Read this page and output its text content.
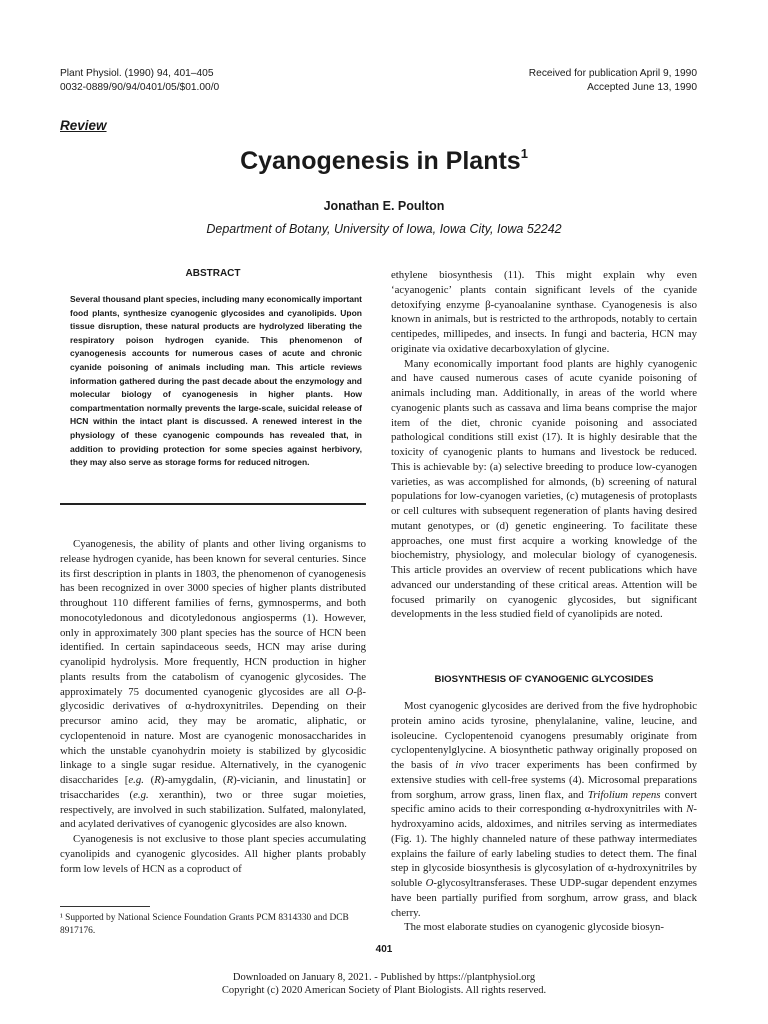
Plant Physiol. (1990) 94, 401–405
0032-0889/90/94/0401/05/$01.00/0
Received for publication April 9, 1990
Accepted June 13, 1990
Review
Cyanogenesis in Plants$^1$
Jonathan E. Poulton
Department of Botany, University of Iowa, Iowa City, Iowa 52242
ABSTRACT
Several thousand plant species, including many economically important food plants, synthesize cyanogenic glycosides and cyanolipids. Upon tissue disruption, these natural products are hydrolyzed liberating the respiratory poison hydrogen cyanide. This phenomenon of cyanogenesis accounts for numerous cases of acute and chronic cyanide poisoning of animals including man. This article reviews information gathered during the past decade about the enzymology and molecular biology of cyanogenesis in higher plants. How compartmentation normally prevents the large-scale, suicidal release of HCN within the intact plant is discussed. A renewed interest in the physiology of these cyanogenic compounds has revealed that, in addition to providing protection for some species against herbivory, they may also serve as storage forms for reduced nitrogen.

Cyanogenesis, the ability of plants and other living organisms to release hydrogen cyanide, has been known for several centuries. Since its first description in plants in 1803, the phenomenon of cyanogenesis has been recognized in over 3000 species of higher plants distributed throughout 110 different families of ferns, gymnosperms, and both monocotyledonous and dicotyledonous angiosperms (1). However, only in approximately 300 plant species has the source of HCN been identified. In certain sapindaceous seeds, HCN may arise during cyanolipid hydrolysis. More frequently, HCN production in higher plants results from the catabolism of cyanogenic glycosides. The approximately 75 documented cyanogenic glycosides are all O-β-glycosidic derivatives of α-hydroxynitriles. Depending on their precursor amino acid, they may be aromatic, aliphatic, or cyclopentenoid in nature. Most are cyanogenic monosaccharides in which the unstable cyanohydrin moiety is stabilized by glycosidic linkage to a single sugar residue. Alternatively, in the cyanogenic disaccharides [e.g. (R)-amygdalin, (R)-vicianin, and linustatin] or trisaccharides (e.g. xeranthin), two or three sugar moieties, respectively, are involved in such stabilization. Sulfated, malonylated, and acylated derivatives of cyanogenic glycosides are also known.

Cyanogenesis is not exclusive to those plant species accumulating cyanolipids and cyanogenic glycosides. All higher plants probably form low levels of HCN as a coproduct of

¹ Supported by National Science Foundation Grants PCM 8314330 and DCB 8917176.

ethylene biosynthesis (11). This might explain why even ‘acyanogenic’ plants contain significant levels of the cyanide detoxifying enzyme β-cyanoalanine synthase. Cyanogenesis is also known in animals, but is restricted to the arthropods, notably to certain centipedes, millipedes, and insects. In fungi and bacteria, HCN may originate via oxidative decarboxylation of glycine.

Many economically important food plants are highly cyanogenic and have caused numerous cases of acute cyanide poisoning of animals including man. Additionally, in areas of the world where cyanogenic plants such as cassava and lima beans comprise the major item of the diet, chronic cyanide poisoning and associated pathological conditions still exist (17). It is highly desirable that the toxicity of cyanogenic plants to humans and livestock be reduced. This is achievable by: (a) selective breeding to produce low-cyanogen varieties, as was accomplished for almonds, (b) screening of natural populations for low-cyanogen varieties, (c) mutagenesis of protoplasts or cell cultures with subsequent regeneration of plants having desired mutant genotypes, or (d) genetic engineering. To facilitate these approaches, one must first acquire a working knowledge of the biochemistry, physiology, and molecular biology of cyanogenesis. This article provides an overview of recent publications which have advanced our understanding of these critical areas. Attention will be focused primarily on cyanogenic glycosides, but significant developments in the less studied field of cyanolipids are noted.

BIOSYNTHESIS OF CYANOGENIC GLYCOSIDES

Most cyanogenic glycosides are derived from the five hydrophobic protein amino acids tyrosine, phenylalanine, valine, leucine, and isoleucine. Cyclopentenoid cyanogens presumably originate from cyclopentenylglycine. A biosynthetic pathway originally proposed on the basis of in vivo tracer experiments has been confirmed by extensive studies with cell-free systems (4). Microsomal preparations from sorghum, arrow grass, linen flax, and Trifolium repens convert specific amino acids to their corresponding α-hydroxynitriles with N-hydroxyamino acids, aldoximes, and nitriles serving as intermediates (Fig. 1). The highly channeled nature of these pathway intermediates explains the failure of early labeling studies to detect them. The final step in glycoside biosynthesis is glycosylation of α-hydroxynitriles by soluble O-glycosyltransferases. These UDP-sugar dependent enzymes have been partially purified from sorghum, arrow grass, and black cherry.

The most elaborate studies on cyanogenic glycoside biosyn-

401
Downloaded on January 8, 2021. - Published by https://plantphysiol.org
Copyright (c) 2020 American Society of Plant Biologists. All rights reserved.
